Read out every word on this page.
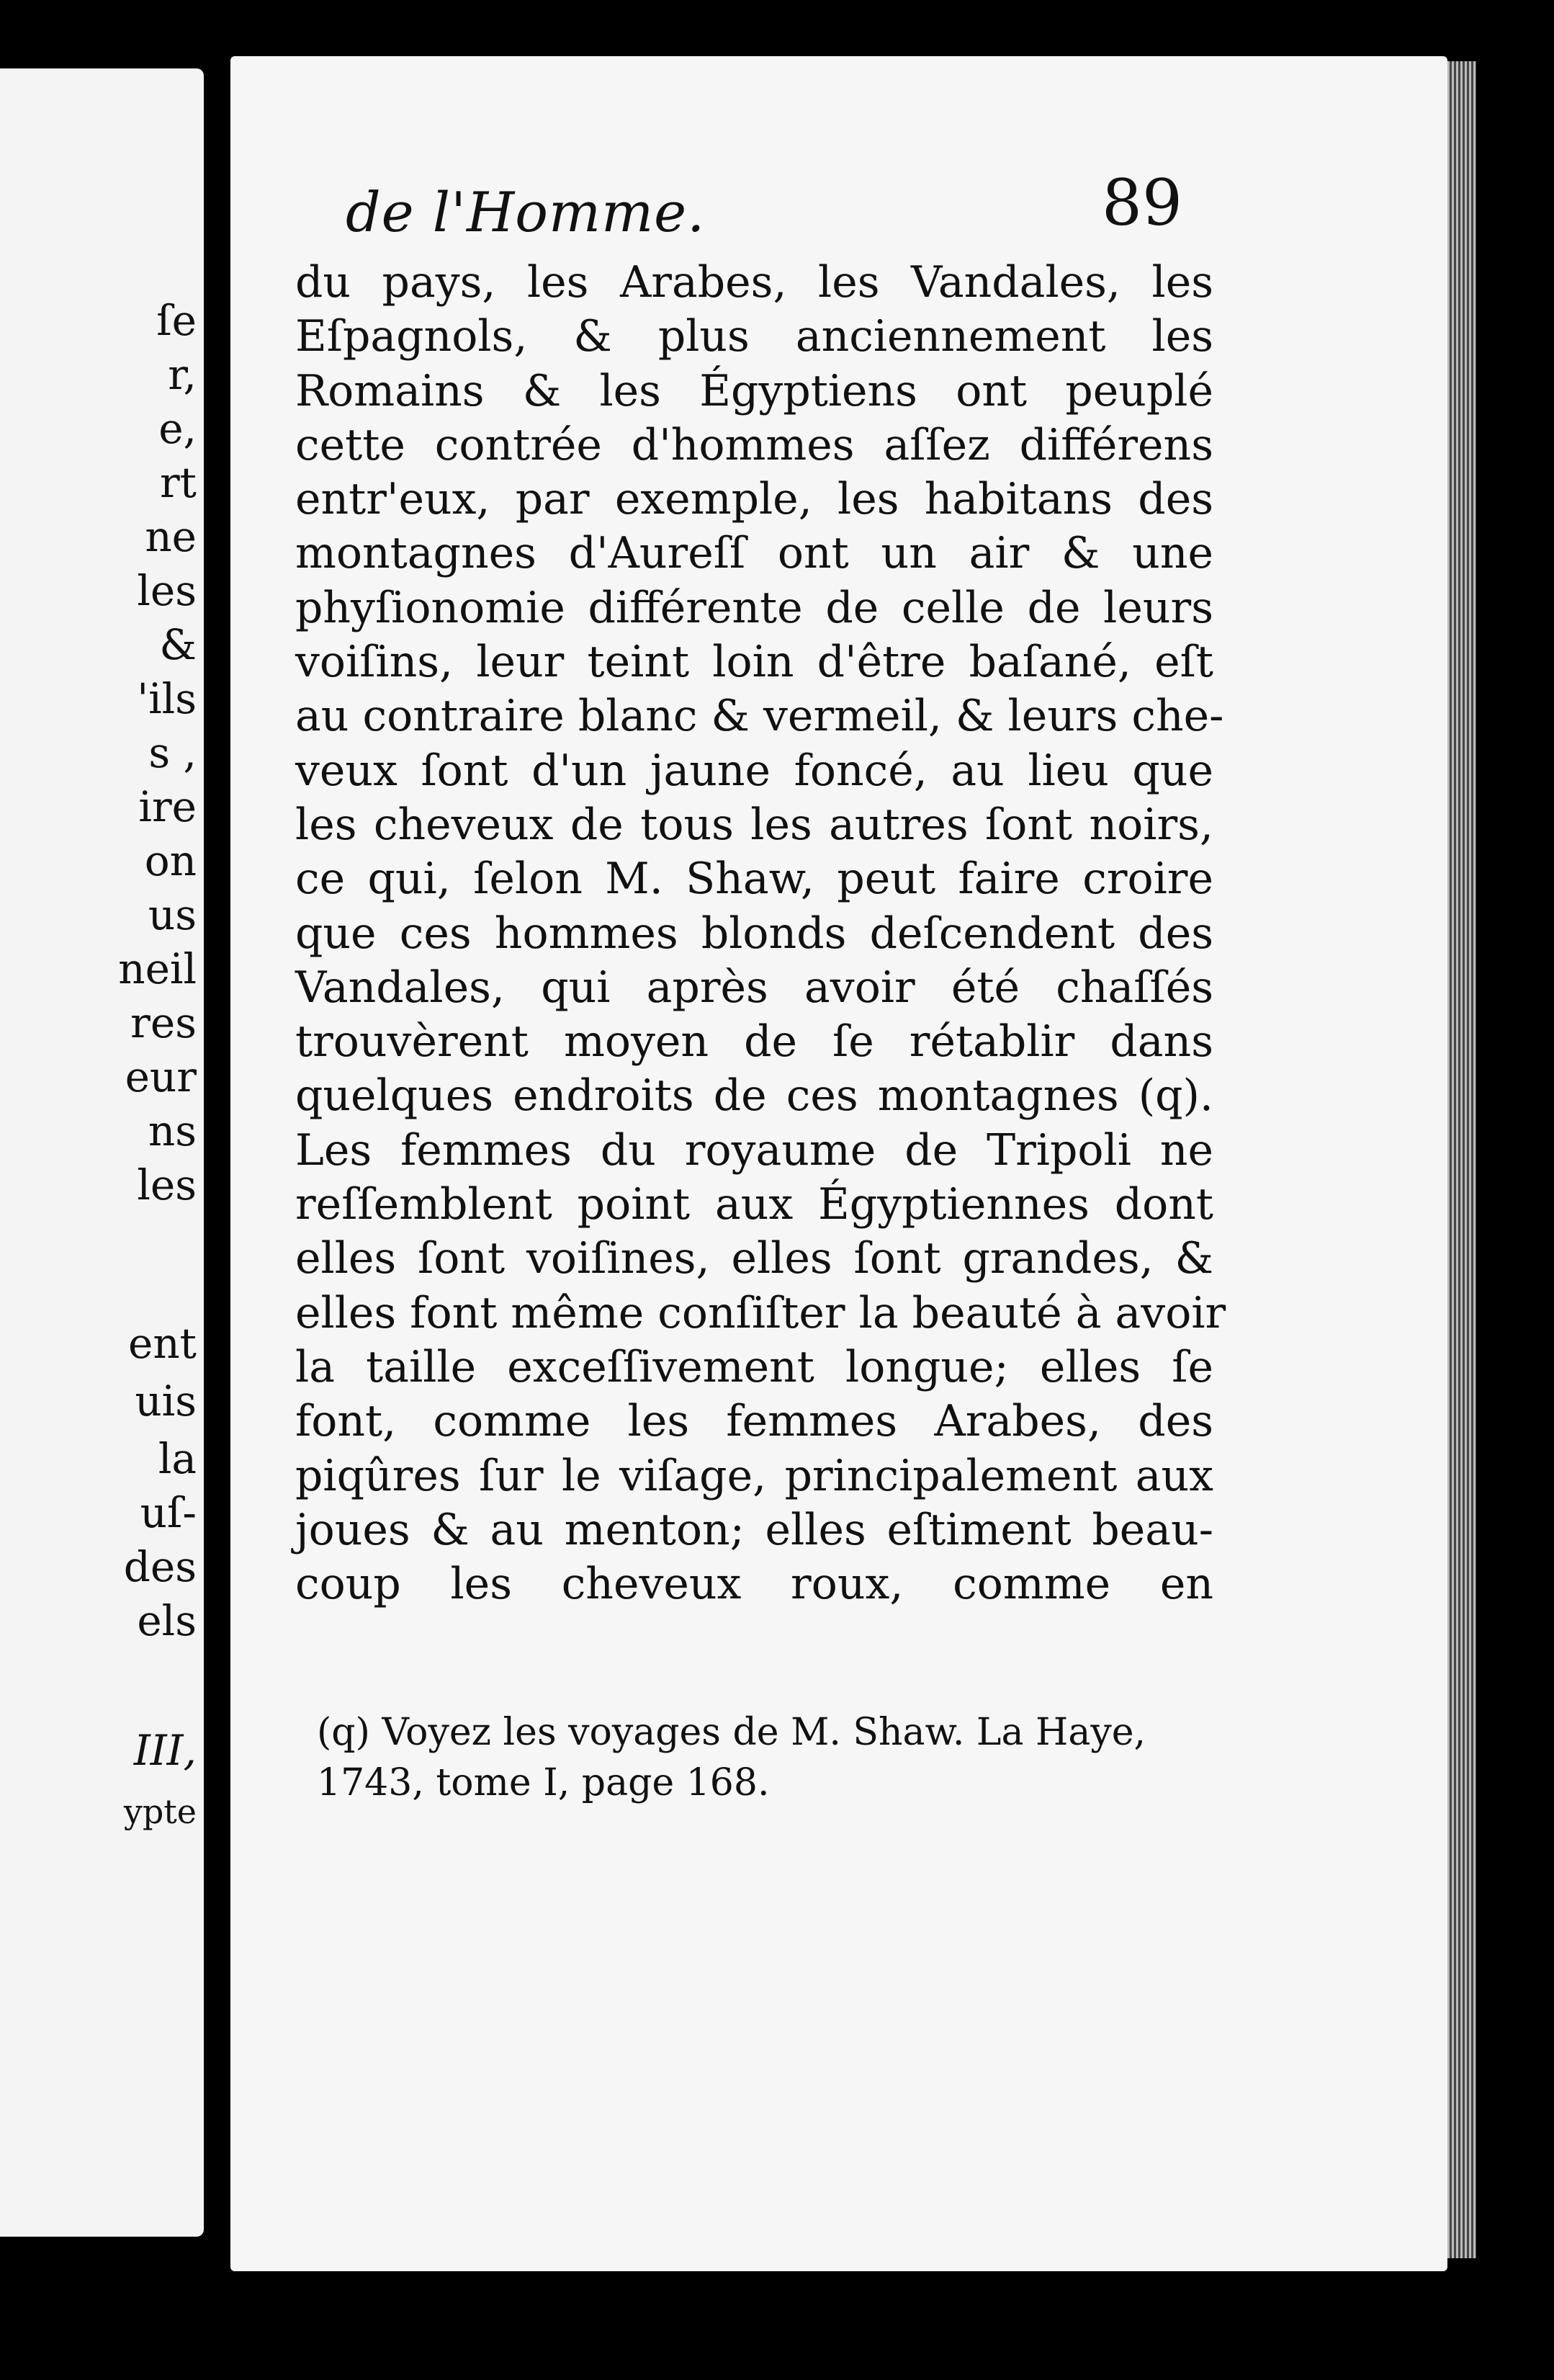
ſe
r,
e,
rt
ne
les
&
'ils
s ,
ire
on
us
neil
res
eur
ns
les
ent
uis
la
uſ-
des
els
III,
ypte
de l'Homme.	89
du pays, les Arabes, les Vandales, les
Eſpagnols, & plus anciennement les
Romains & les Égyptiens ont peuplé
cette contrée d'hommes aſſez différens
entr'eux, par exemple, les habitans des
montagnes d'Aureſſ ont un air & une
phyſionomie différente de celle de leurs
voiſins, leur teint loin d'être baſané, eſt
au contraire blanc & vermeil, & leurs che-
veux ſont d'un jaune foncé, au lieu que
les cheveux de tous les autres ſont noirs,
ce qui, ſelon M. Shaw, peut faire croire
que ces hommes blonds deſcendent des
Vandales, qui après avoir été chaſſés
trouvèrent moyen de ſe rétablir dans
quelques endroits de ces montagnes (q).
Les femmes du royaume de Tripoli ne
reſſemblent point aux Égyptiennes dont
elles ſont voiſines, elles ſont grandes, &
elles font même conſiſter la beauté à avoir
la taille exceſſivement longue; elles ſe
font, comme les femmes Arabes, des
piqûres ſur le viſage, principalement aux
joues & au menton; elles eſtiment beau-
coup les cheveux roux, comme en
(q) Voyez les voyages de M. Shaw. La Haye,
1743, tome I, page 168.
